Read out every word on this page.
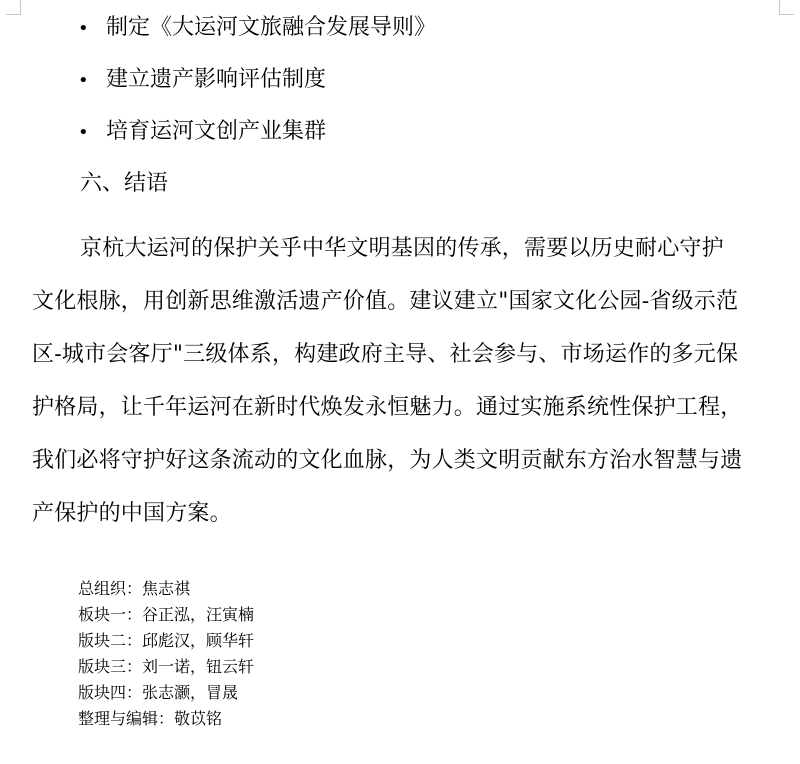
• 制定《大运河文旅融合发展导则》
• 建立遗产影响评估制度
• 培育运河文创产业集群
六、结语

京杭大运河的保护关乎中华文明基因的传承，需要以历史耐心守护文化根脉，用创新思维激活遗产价值。建议建立"国家文化公园-省级示范区-城市会客厅"三级体系，构建政府主导、社会参与、市场运作的多元保护格局，让千年运河在新时代焕发永恒魅力。通过实施系统性保护工程，我们必将守护好这条流动的文化血脉，为人类文明贡献东方治水智慧与遗产保护的中国方案。

总组织：焦志祺
板块一：谷正泓，汪寅楠
版块二：邱彪汉，顾华轩
版块三：刘一诺，钮云轩
版块四：张志灏，冒晟
整理与编辑：敬苡铭
